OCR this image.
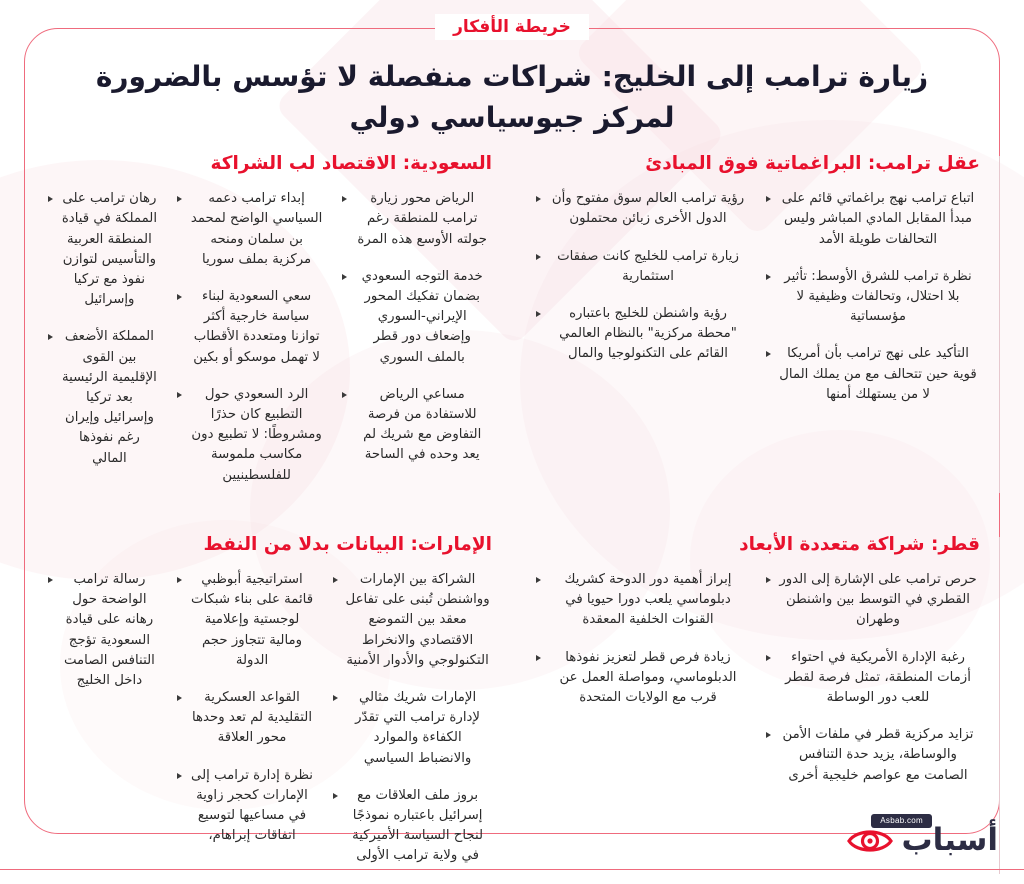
خريطة الأفكار
زيارة ترامب إلى الخليج: شراكات منفصلة لا تؤسس بالضرورة لمركز جيوسياسي دولي
عقل ترامب: البراغماتية فوق المبادئ
اتباع ترامب نهج براغماتي قائم على مبدأ المقابل المادي المباشر وليس التحالفات طويلة الأمد
نظرة ترامب للشرق الأوسط: تأثير بلا احتلال، وتحالفات وظيفية لا مؤسساتية
التأكيد على نهج ترامب بأن أمريكا قوية حين تتحالف مع من يملك المال لا من يستهلك أمنها
رؤية ترامب العالم سوق مفتوح وأن الدول الأخرى زبائن محتملون
زيارة ترامب للخليج كانت صفقات استثمارية
رؤية واشنطن للخليج باعتباره "محطة مركزية" بالنظام العالمي القائم على التكنولوجيا والمال
السعودية: الاقتصاد لب الشراكة
الرياض محور زيارة ترامب للمنطقة رغم جولته الأوسع هذه المرة
خدمة التوجه السعودي بضمان تفكيك المحور الإيراني-السوري وإضعاف دور قطر بالملف السوري
مساعي الرياض للاستفادة من فرصة التفاوض مع شريك لم يعد وحده في الساحة
إبداء ترامب دعمه السياسي الواضح لمحمد بن سلمان ومنحه مركزية بملف سوريا
سعي السعودية لبناء سياسة خارجية أكثر توازنا ومتعددة الأقطاب لا تهمل موسكو أو بكين
الرد السعودي حول التطبيع كان حذرًا ومشروطًا: لا تطبيع دون مكاسب ملموسة للفلسطينيين
رهان ترامب على المملكة في قيادة المنطقة العربية والتأسيس لتوازن نفوذ مع تركيا وإسرائيل
المملكة الأضعف بين القوى الإقليمية الرئيسية بعد تركيا وإسرائيل وإيران رغم نفوذها المالي
قطر: شراكة متعددة الأبعاد
حرص ترامب على الإشارة إلى الدور القطري في التوسط بين واشنطن وطهران
رغبة الإدارة الأمريكية في احتواء أزمات المنطقة، تمثل فرصة لقطر للعب دور الوساطة
تزايد مركزية قطر في ملفات الأمن والوساطة، يزيد حدة التنافس الصامت مع عواصم خليجية أخرى
إبراز أهمية دور الدوحة كشريك دبلوماسي يلعب دورا حيويا في القنوات الخلفية المعقدة
زيادة فرص قطر لتعزيز نفوذها الدبلوماسي، ومواصلة العمل عن قرب مع الولايات المتحدة
الإمارات: البيانات بدلا من النفط
الشراكة بين الإمارات وواشنطن تُبنى على تفاعل معقد بين التموضع الاقتصادي والانخراط التكنولوجي والأدوار الأمنية
الإمارات شريك مثالي لإدارة ترامب التي تقدّر الكفاءة والموارد والانضباط السياسي
بروز ملف العلاقات مع إسرائيل باعتباره نموذجًا لنجاح السياسة الأميركية في ولاية ترامب الأولى
استراتيجية أبوظبي قائمة على بناء شبكات لوجستية وإعلامية ومالية تتجاوز حجم الدولة
القواعد العسكرية التقليدية لم تعد وحدها محور العلاقة
نظرة إدارة ترامب إلى الإمارات كحجر زاوية في مساعيها لتوسيع اتفاقات إبراهام،
رسالة ترامب الواضحة حول رهانه على قيادة السعودية تؤجج التنافس الصامت داخل الخليج
Asbab.com
أسباب
